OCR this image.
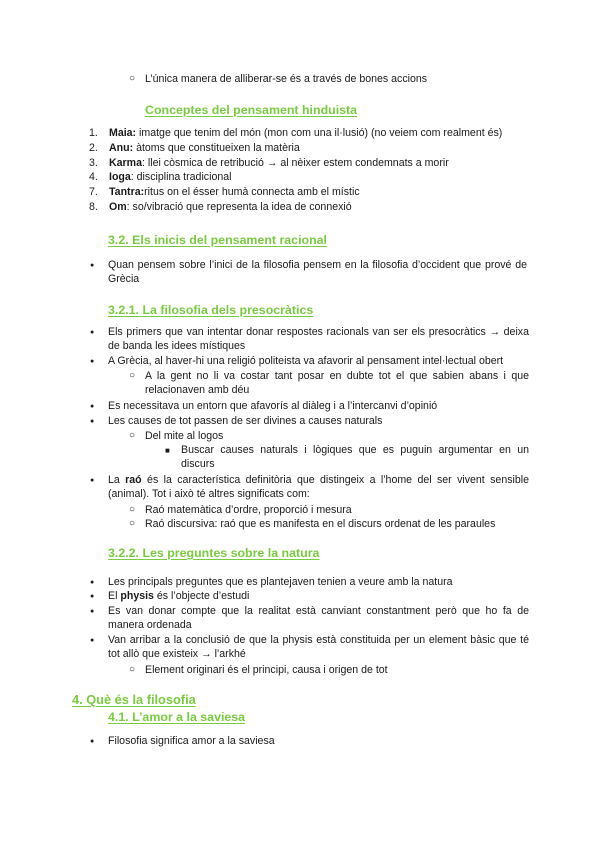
○
L’única manera de alliberar-se és a través de bones accions
Conceptes del pensament hinduista
1. Maia: imatge que tenim del món (mon com una il·lusió) (no veiem com realment és)
2. Anu: àtoms que constitueixen la matèria
3. Karma: llei còsmica de retribució → al nèixer estem condemnats a morir
4. Ioga: disciplina tradicional
7. Tantra:ritus on el ésser humà connecta amb el místic
8. Om: so/vibració que representa la idea de connexió
3.2. Els inicis del pensament racional
●
Quan pensem sobre l’inici de la filosofia pensem en la filosofia d’occident que prové de Grècia
3.2.1. La filosofia dels presocràtics
●
Els primers que van intentar donar respostes racionals van ser els presocràtics → deixa de banda les idees místiques
●
A Grècia, al haver-hi una religió politeista va afavorir al pensament intel·lectual obert
○
A la gent no li va costar tant posar en dubte tot el que sabien abans i que relacionaven amb déu
●
Es necessitava un entorn que afavorís al diàleg i a l’intercanvi d’opinió
●
Les causes de tot passen de ser divines a causes naturals
○
Del mite al logos
■
Buscar causes naturals i lògiques que es puguin argumentar en un discurs
●
La raó és la característica definitòria que distingeix a l’home del ser vivent sensible (animal). Tot i això té altres significats com:
○
Raó matemàtica d’ordre, proporció i mesura
○
Raó discursiva: raó que es manifesta en el discurs ordenat de les paraules
3.2.2. Les preguntes sobre la natura
●
Les principals preguntes que es plantejaven tenien a veure amb la natura
●
El physis és l’objecte d’estudi
●
Es van donar compte que la realitat està canviant constantment però que ho fa de manera ordenada
●
Van arribar a la conclusió de que la physis està constituida per un element bàsic que té tot allò que existeix → l’arkhé
○
Element originari és el principi, causa i origen de tot
4. Què és la filosofia
4.1. L’amor a la saviesa
●
Filosofia significa amor a la saviesa
